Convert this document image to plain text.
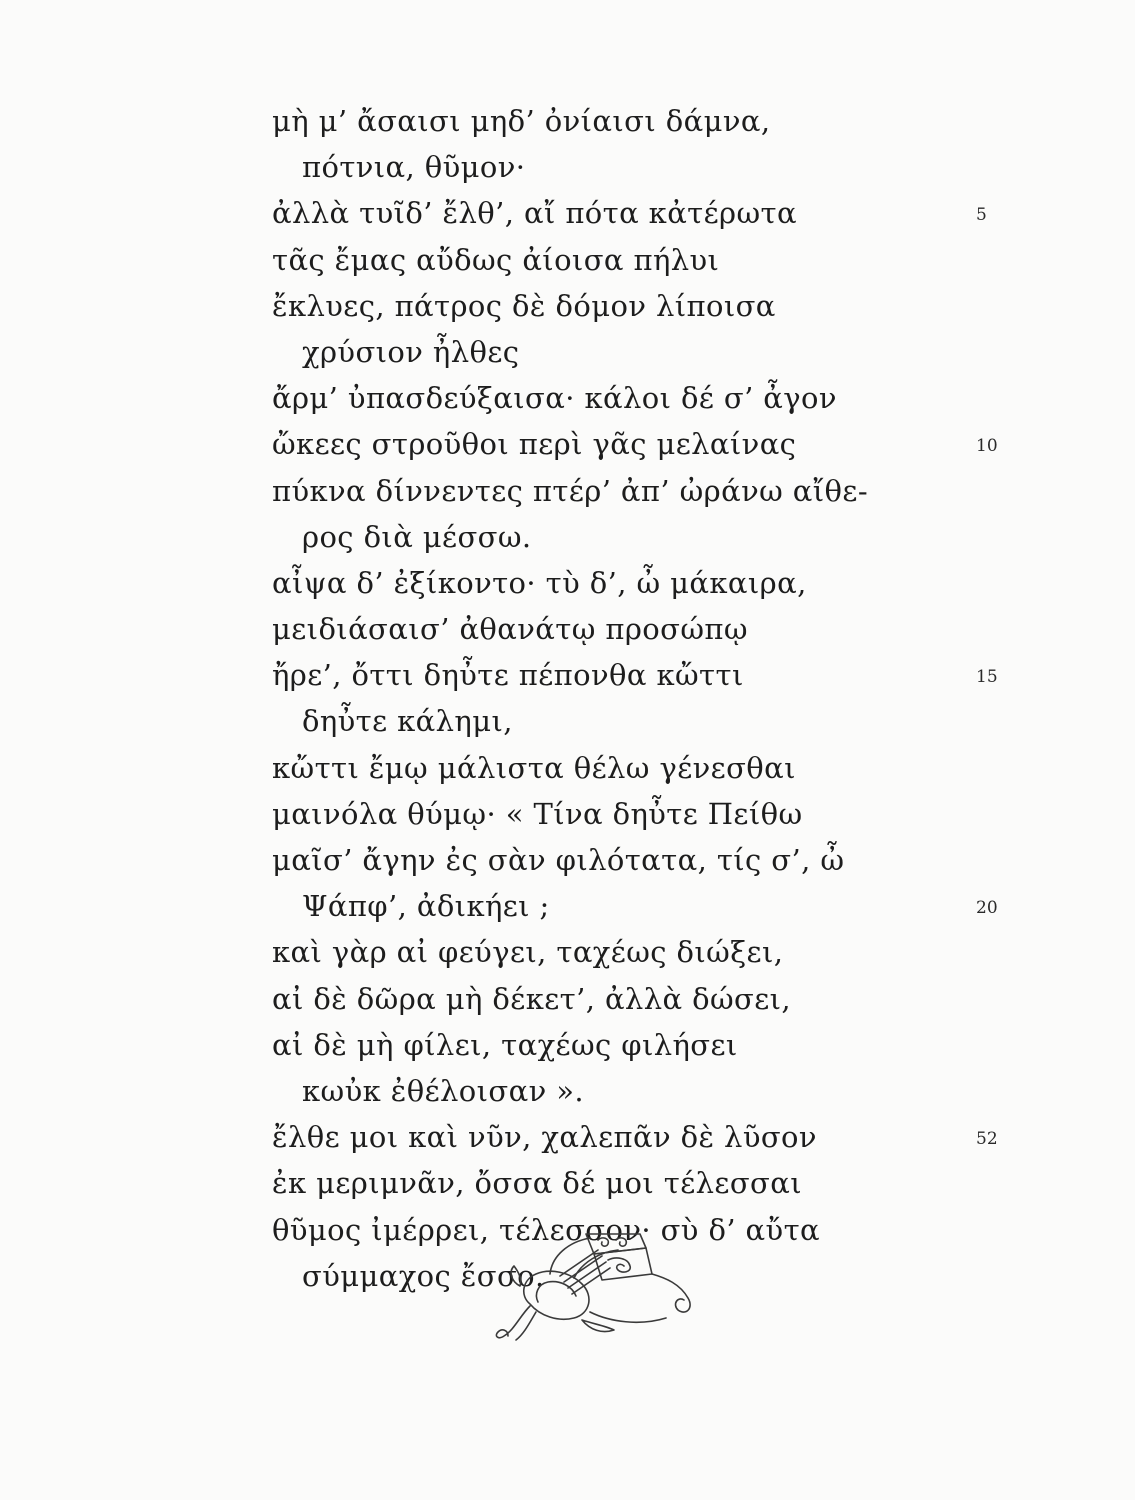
μὴ μ’ ἄσαισι μηδ’ ὀνίαισι δάμνα,
πότνια, θῦμον·
ἀλλὰ τυῖδ’ ἔλθ’, αἴ πότα κἀτέρωτα	5
τᾶς ἔμας αὔδως ἀίοισα πήλυι
ἔκλυες, πάτρος δὲ δόμον λίποισα
χρύσιον ἦλθες
ἄρμ’ ὐπασδεύξαισα· κάλοι δέ σ’ ἆγον
ὤκεες στροῦθοι περὶ γᾶς μελαίνας	10
πύκνα δίννεντες πτέρ’ ἀπ’ ὠράνω αἴθε-
ρος διὰ μέσσω.
αἶψα δ’ ἐξίκοντο· τὺ δ’, ὦ μάκαιρα,
μειδιάσαισ’ ἀθανάτῳ προσώπῳ
ἤρε’, ὄττι δηὖτε πέπονθα κὤττι	15
δηὖτε κάλημι,
κὤττι ἔμῳ μάλιστα θέλω γένεσθαι
μαινόλα θύμῳ· « Τίνα δηὖτε Πείθω
μαῖσ’ ἄγην ἐς σὰν φιλότατα, τίς σ’, ὦ
Ψάπφ’, ἀδικήει ;	20
καὶ γὰρ αἰ φεύγει, ταχέως διώξει,
αἰ δὲ δῶρα μὴ δέκετ’, ἀλλὰ δώσει,
αἰ δὲ μὴ φίλει, ταχέως φιλήσει
κωὐκ ἐθέλοισαν ».
ἔλθε μοι καὶ νῦν, χαλεπᾶν δὲ λῦσον	52
ἐκ μεριμνᾶν, ὄσσα δέ μοι τέλεσσαι
θῦμος ἰμέρρει, τέλεσσον· σὺ δ’ αὔτα
σύμμαχος ἔσσο.
